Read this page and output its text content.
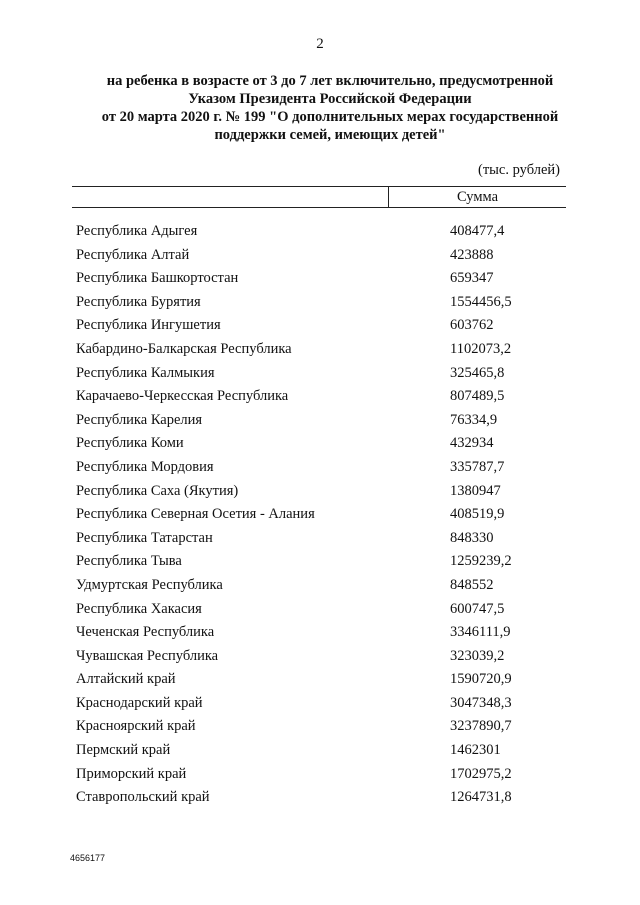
2
на ребенка в возрасте от 3 до 7 лет включительно, предусмотренной
Указом Президента Российской Федерации
от 20 марта 2020 г. № 199 "О дополнительных мерах государственной
поддержки семей, имеющих детей"
(тыс. рублей)
Сумма
Республика Адыгея	408477,4
Республика Алтай	423888
Республика Башкортостан	659347
Республика Бурятия	1554456,5
Республика Ингушетия	603762
Кабардино-Балкарская Республика	1102073,2
Республика Калмыкия	325465,8
Карачаево-Черкесская Республика	807489,5
Республика Карелия	76334,9
Республика Коми	432934
Республика Мордовия	335787,7
Республика Саха (Якутия)	1380947
Республика Северная Осетия - Алания	408519,9
Республика Татарстан	848330
Республика Тыва	1259239,2
Удмуртская Республика	848552
Республика Хакасия	600747,5
Чеченская Республика	3346111,9
Чувашская Республика	323039,2
Алтайский край	1590720,9
Краснодарский край	3047348,3
Красноярский край	3237890,7
Пермский край	1462301
Приморский край	1702975,2
Ставропольский край	1264731,8
4656177
